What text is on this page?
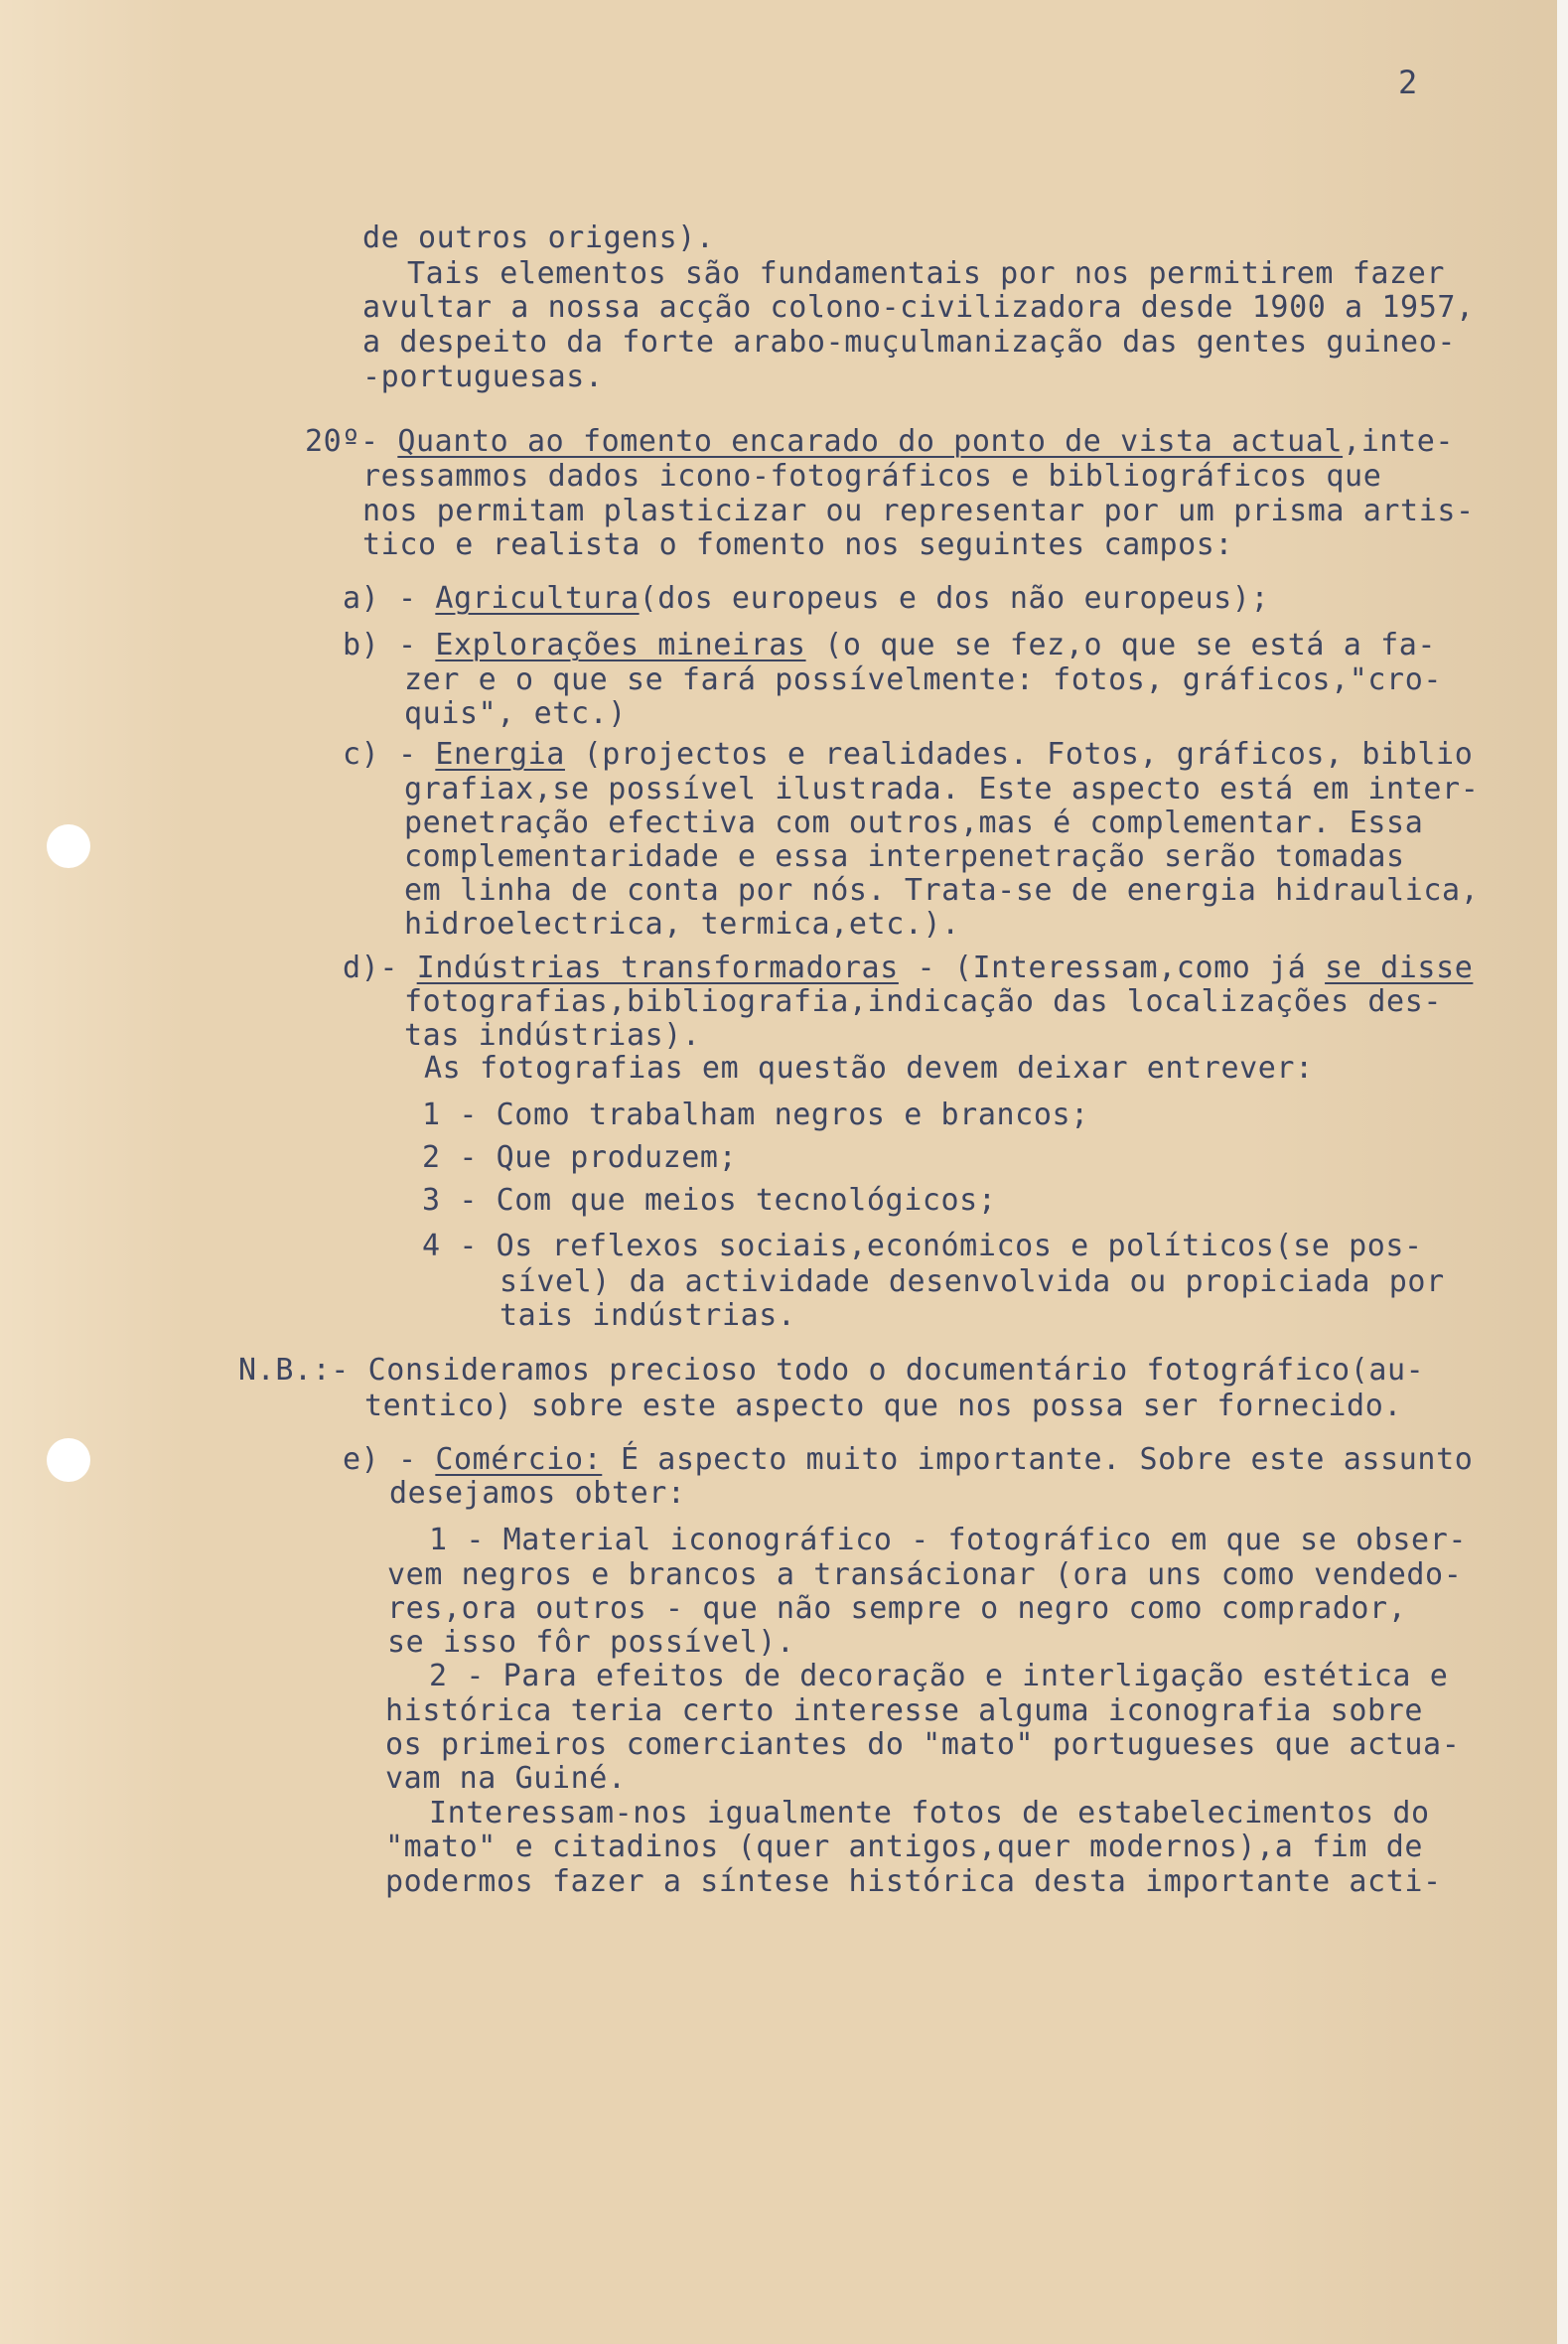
2
de outros origens).
Tais elementos são fundamentais por nos permitirem fazer
avultar a nossa acção colono-civilizadora desde 1900 a 1957,
a despeito da forte arabo-muçulmanização das gentes guineo-
-portuguesas.
20º- Quanto ao fomento encarado do ponto de vista actual,inte-
ressammos dados icono-fotográficos e bibliográficos que
nos permitam plasticizar ou representar por um prisma artis-
tico e realista o fomento nos seguintes campos:
a) - Agricultura(dos europeus e dos não europeus);
b) - Explorações mineiras (o que se fez,o que se está a fa-
zer e o que se fará possívelmente: fotos, gráficos,"cro-
quis", etc.)
c) - Energia (projectos e realidades. Fotos, gráficos, biblio
grafiax,se possível ilustrada. Este aspecto está em inter-
penetração efectiva com outros,mas é complementar. Essa
complementaridade e essa interpenetração serão tomadas
em linha de conta por nós. Trata-se de energia hidraulica,
hidroelectrica, termica,etc.).
d)- Indústrias transformadoras - (Interessam,como já se disse
fotografias,bibliografia,indicação das localizações des-
tas indústrias).
As fotografias em questão devem deixar entrever:
1 - Como trabalham negros e brancos;
2 - Que produzem;
3 - Com que meios tecnológicos;
4 - Os reflexos sociais,económicos e políticos(se pos-
sível) da actividade desenvolvida ou propiciada por
tais indústrias.
N.B.:- Consideramos precioso todo o documentário fotográfico(au-
tentico) sobre este aspecto que nos possa ser fornecido.
e) - Comércio: É aspecto muito importante. Sobre este assunto
desejamos obter:
1 - Material iconográfico - fotográfico em que se obser-
vem negros e brancos a transácionar (ora uns como vendedo-
res,ora outros - que não sempre o negro como comprador,
se isso fôr possível).
2 - Para efeitos de decoração e interligação estética e
histórica teria certo interesse alguma iconografia sobre
os primeiros comerciantes do "mato" portugueses que actua-
vam na Guiné.
Interessam-nos igualmente fotos de estabelecimentos do
"mato" e citadinos (quer antigos,quer modernos),a fim de
podermos fazer a síntese histórica desta importante acti-
